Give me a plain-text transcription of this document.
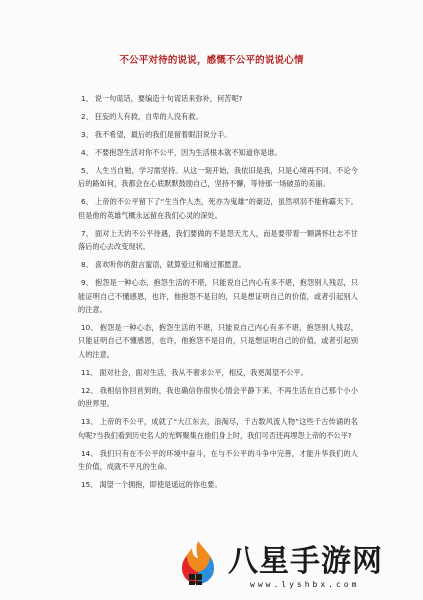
不公平对待的说说，感慨不公平的说说心情
1、 说一句谎话，要编造十句谎话来弥补，何苦呢?
2、 狂妄的人有救，自卑的人没有救。
3、 我不希望，最后的我们是留着眼泪说分手。
4、 不要抱怨生活对你不公平，因为生活根本就不知道你是谁。
5、 人生当自勉，学习需坚持。从这一刻开始，我依旧是我，只是心境再不同。不论今后的路如何，我都会在心底默默鼓励自己，坚持不懈，等待那一场破茧的美丽。
6、 上帝的不公平留下了“生当作人杰，死亦为鬼雄”的豪迈，虽然项羽不能称霸天下，但是他的英雄气概永远留在我们心灵的深处。
7、 面对上天的不公平待遇，我们要做的不是怨天尤人，而是要带着一颗满怀壮志不甘落后的心去改变现状。
8、 喜欢听你的甜言蜜语，就算爱过和痛过都愿意。
9、 抱怨是一种心态，抱怨生活的不堪，只能说自己内心有多不堪，抱怨别人残忍，只能证明自己不懂感恩，也许，他抱怨不是目的，只是想证明自己的价值，或者引起别人的注意。
10、 抱怨是一种心态，抱怨生活的不堪，只能说自己内心有多不堪，抱怨别人残忍，只能证明自己不懂感恩，也许，他抱怨不是目的，只是想证明自己的价值，或者引起别人的注意。
11、 面对社会，面对生活，我从不奢求公平，相反，我更渴望不公平。
12、 我相信你回首到的，我也确信你很快心情会平静下来，不再生活在自己那个小小的世界里。
13、 上帝的不公平，成就了“大江东去，浪淘尽，千古数风流人物”这些千古传诵的名句呢?当我们看到历史名人的光辉聚集在他们身上时，我们可否还再埋怨上帝的不公平?
14、 我们只有在不公平的环境中奋斗，在与不公平的斗争中完善，才能升华我们的人生价值，成就不平凡的生命。
15、 渴望一个拥抱，即使是遥远的你也要。
八星手游网
www.lyshbx.com
